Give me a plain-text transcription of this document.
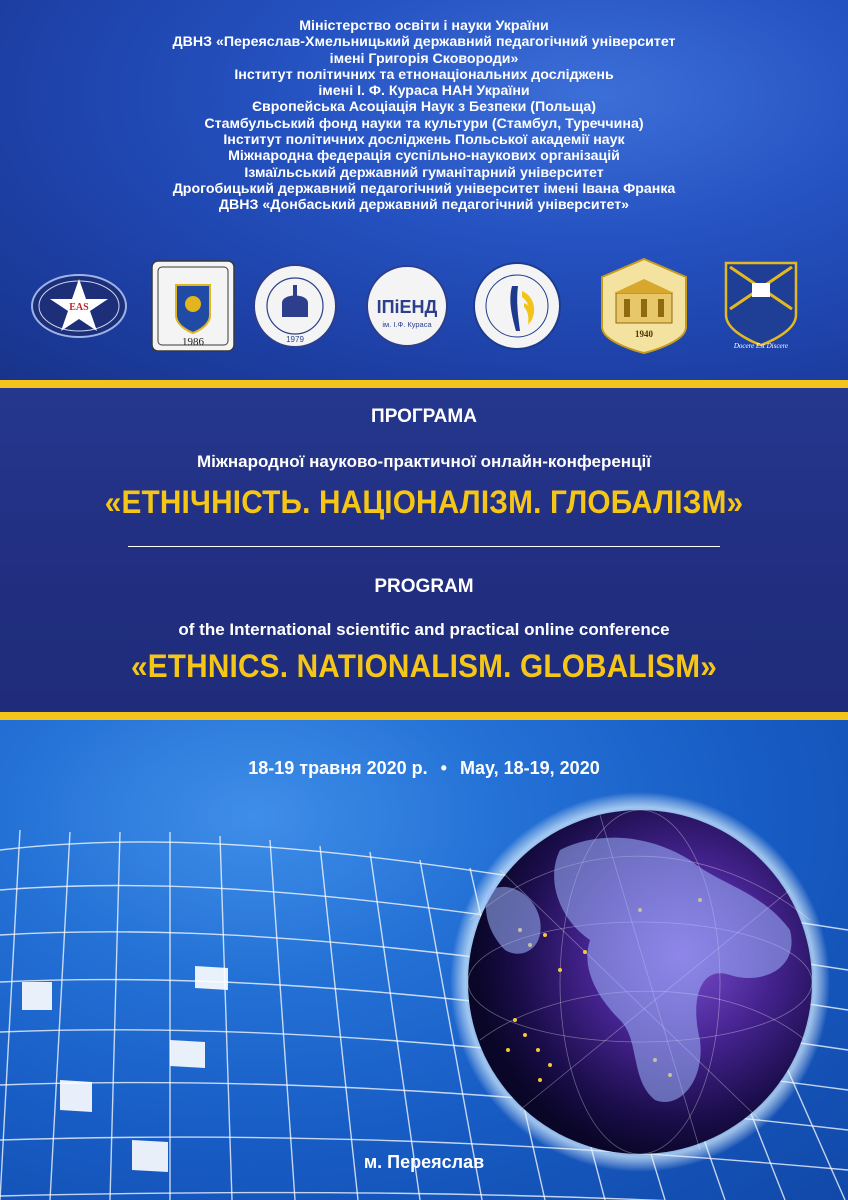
Міністерство освіти і науки України
ДВНЗ «Переяслав-Хмельницький державний педагогічний університет
імені Григорія Сковороди»
Інститут політичних та етнонаціональних досліджень
імені І. Ф. Кураса НАН України
Європейська Асоціація Наук з Безпеки (Польща)
Стамбульський фонд науки та культури (Стамбул, Туреччина)
Інститут політичних досліджень Польської академії наук
Міжнародна федерація суспільно-наукових організацій
Ізмаїльський державний гуманітарний університет
Дрогобицький державний педагогічний університет імені Івана Франка
ДВНЗ «Донбаський державний педагогічний університет»
EAS
1986	1979
ІПіЕНД
ім. І.Ф. Кураса
1940
Docere Est Discere
ПРОГРАМА
Міжнародної науково-практичної онлайн-конференції
«ЕТНІЧНІСТЬ. НАЦІОНАЛІЗМ. ГЛОБАЛІЗМ»
PROGRAM
of the International scientific and practical online conference
«ETHNICS. NATIONALISM. GLOBALISM»
18-19 травня 2020 р. • May, 18-19, 2020
м. Переяслав
